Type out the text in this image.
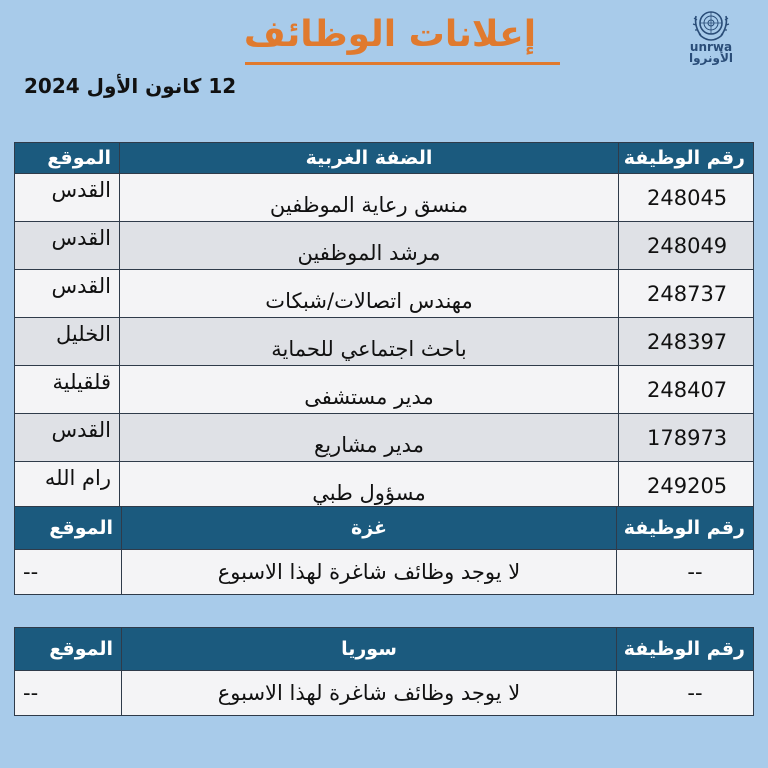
إعلانات الوظائف
12 كانون الأول 2024
unrwa
الأونروا
رقم الوظيفة	الضفة الغربية	الموقع
248045	منسق رعاية الموظفين	القدس
248049	مرشد الموظفين	القدس
248737	مهندس اتصالات/شبكات	القدس
248397	باحث اجتماعي للحماية	الخليل
248407	مدير مستشفى	قلقيلية
178973	مدير مشاريع	القدس
249205	مسؤول طبي	رام الله
رقم الوظيفة	غزة	الموقع
--	لا يوجد وظائف شاغرة لهذا الاسبوع	--
رقم الوظيفة	سوريا	الموقع
--	لا يوجد وظائف شاغرة لهذا الاسبوع	--
